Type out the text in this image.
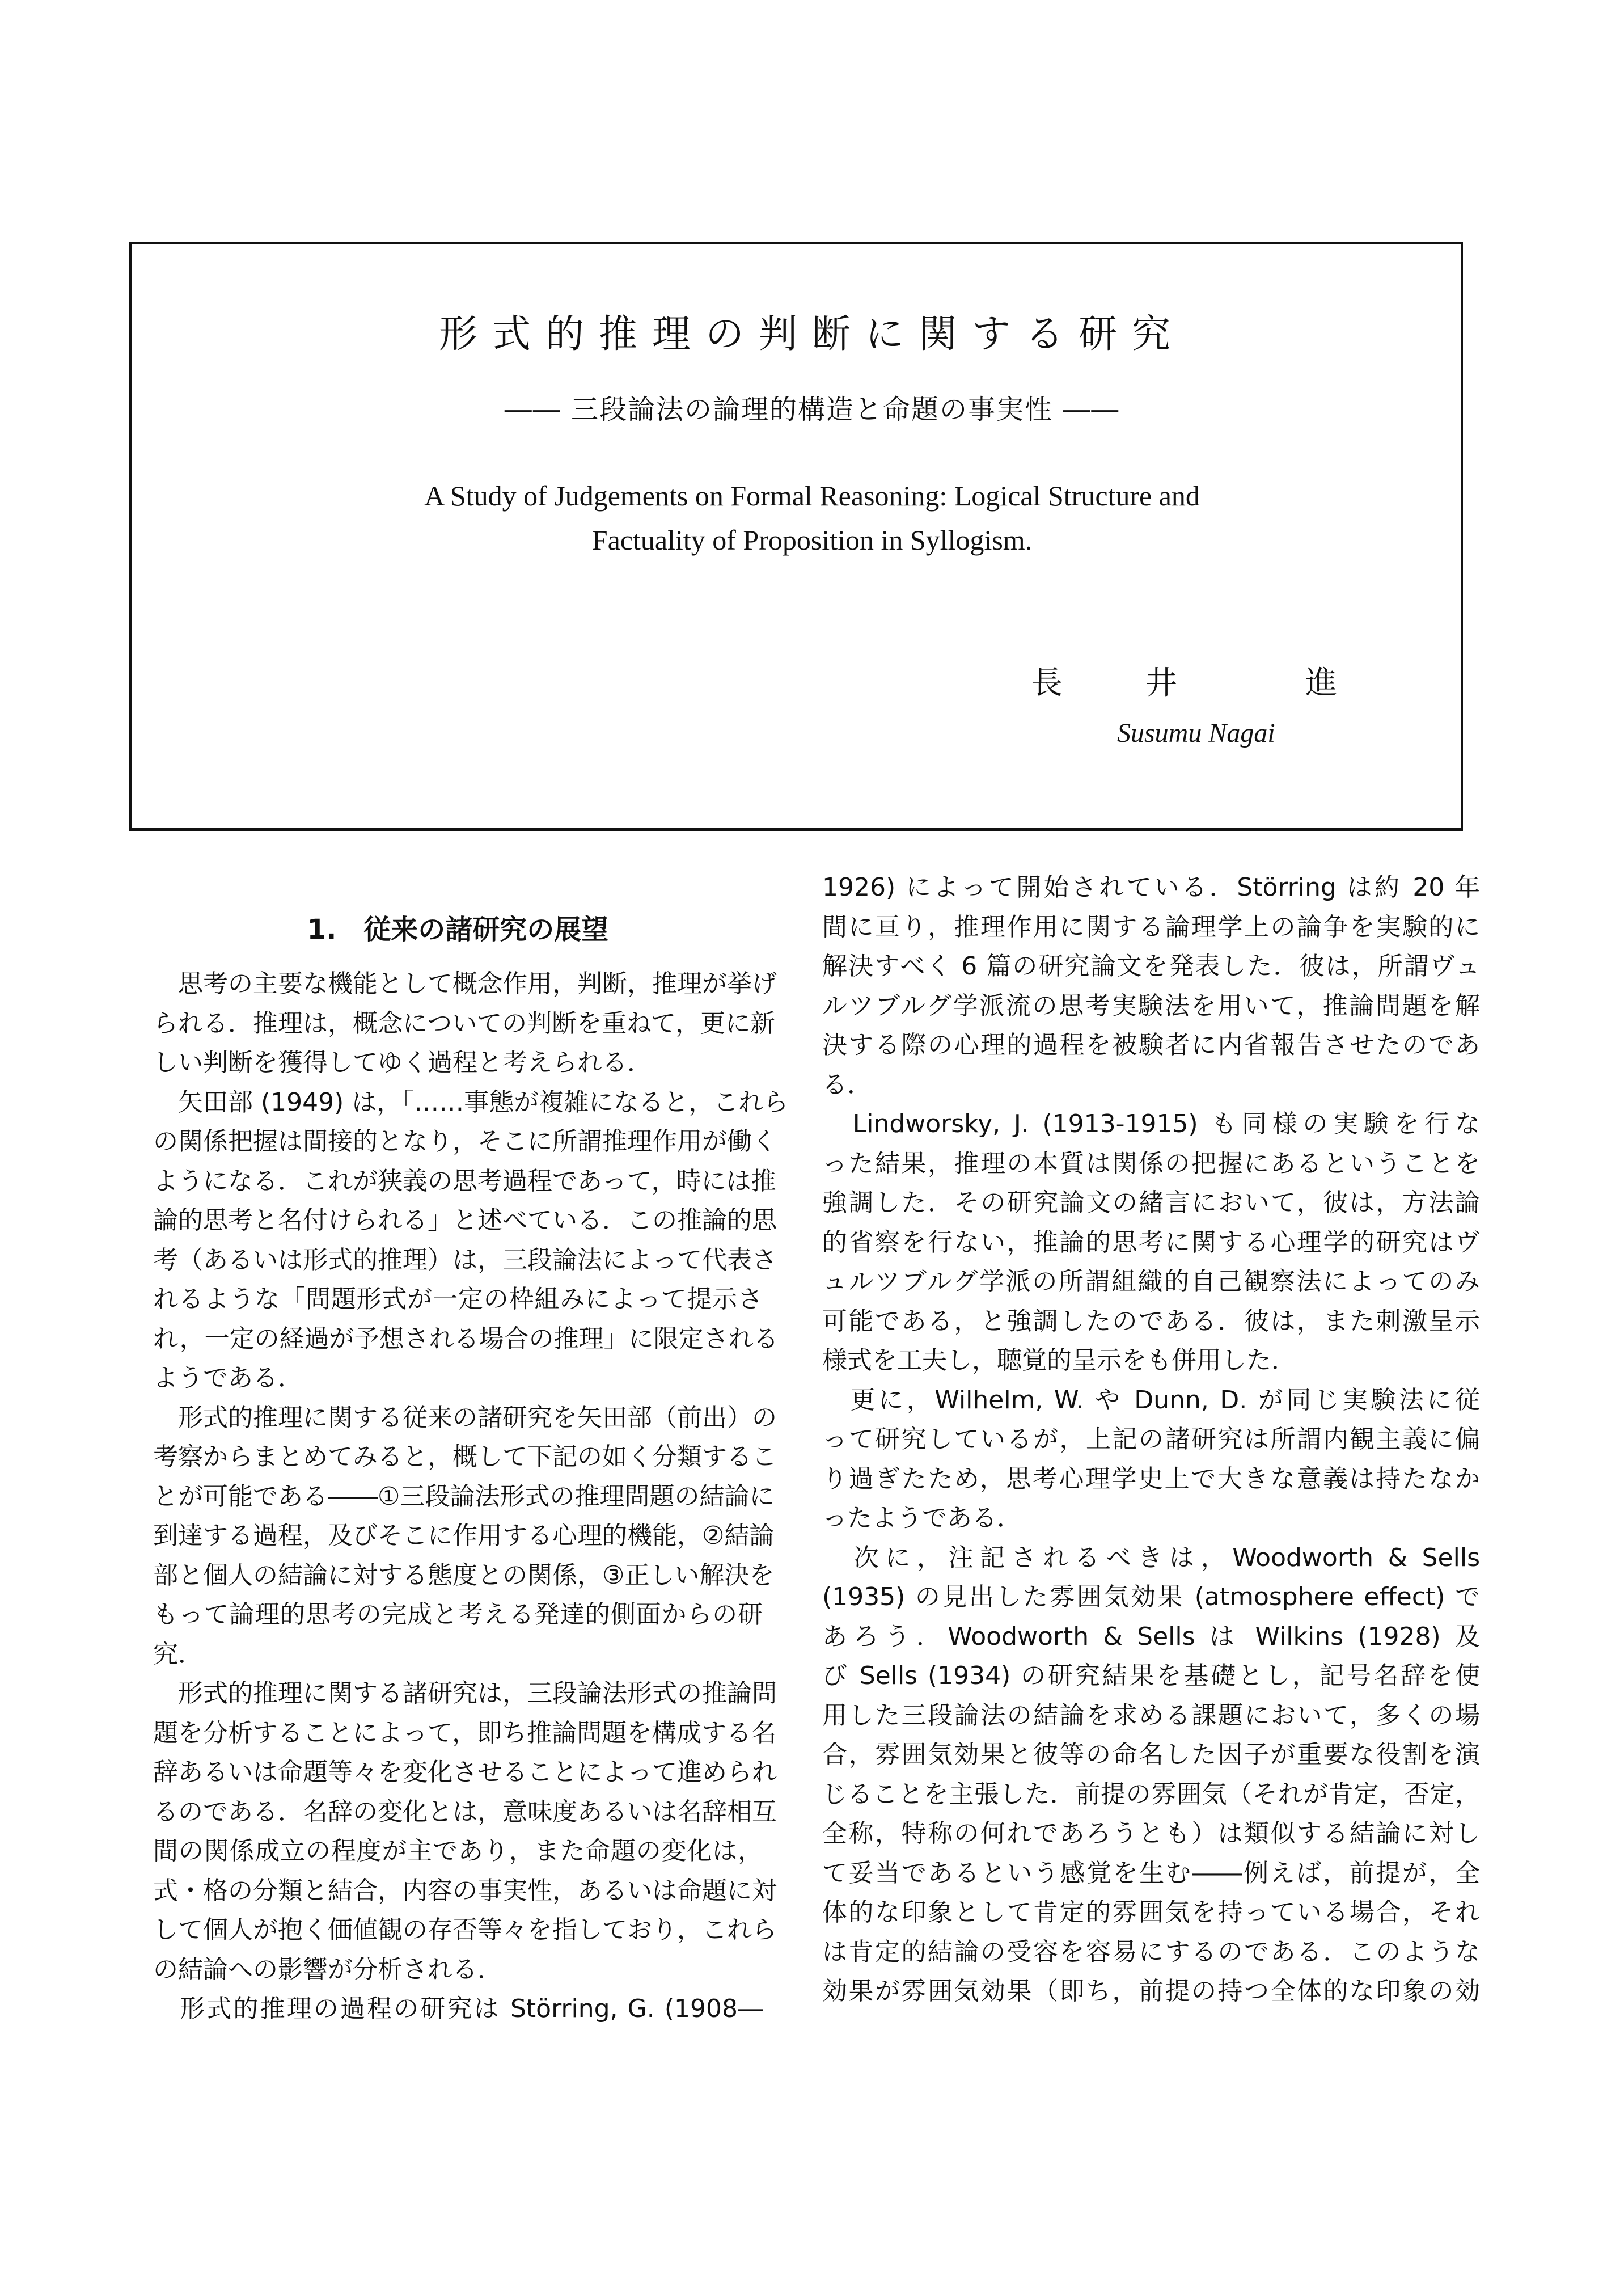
形式的推理の判断に関する研究
―― 三段論法の論理的構造と命題の事実性 ――
A Study of Judgements on Formal Reasoning: Logical Structure and
Factuality of Proposition in Syllogism.
長	井	進
Susumu Nagai
1.　従来の諸研究の展望
　思考の主要な機能として概念作用，判断，推理が挙げ
られる．推理は，概念についての判断を重ねて，更に新
しい判断を獲得してゆく過程と考えられる．
　矢田部 (1949) は，「……事態が複雑になると，これら
の関係把握は間接的となり，そこに所謂推理作用が働く
ようになる．これが狭義の思考過程であって，時には推
論的思考と名付けられる」と述べている．この推論的思
考（あるいは形式的推理）は，三段論法によって代表さ
れるような「問題形式が一定の枠組みによって提示さ
れ，一定の経過が予想される場合の推理」に限定される
ようである．
　形式的推理に関する従来の諸研究を矢田部（前出）の
考察からまとめてみると，概して下記の如く分類するこ
とが可能である――①三段論法形式の推理問題の結論に
到達する過程，及びそこに作用する心理的機能，②結論
部と個人の結論に対する態度との関係，③正しい解決を
もって論理的思考の完成と考える発達的側面からの研
究．
　形式的推理に関する諸研究は，三段論法形式の推論問
題を分析することによって，即ち推論問題を構成する名
辞あるいは命題等々を変化させることによって進められ
るのである．名辞の変化とは，意味度あるいは名辞相互
間の関係成立の程度が主であり，また命題の変化は，
式・格の分類と結合，内容の事実性，あるいは命題に対
して個人が抱く価値観の存否等々を指しており，これら
の結論への影響が分析される．
　形式的推理の過程の研究は Störring, G. (1908―
1926) によって開始されている．Störring は約 20 年
間に亘り，推理作用に関する論理学上の論争を実験的に
解決すべく 6 篇の研究論文を発表した．彼は，所謂ヴュ
ルツブルグ学派流の思考実験法を用いて，推論問題を解
決する際の心理的過程を被験者に内省報告させたのであ
る．
　Lindworsky, J. (1913-1915) も同様の実験を行な
った結果，推理の本質は関係の把握にあるということを
強調した．その研究論文の緒言において，彼は，方法論
的省察を行ない，推論的思考に関する心理学的研究はヴ
ュルツブルグ学派の所謂組織的自己観察法によってのみ
可能である，と強調したのである．彼は，また刺激呈示
様式を工夫し，聴覚的呈示をも併用した．
　更に，Wilhelm, W. や Dunn, D. が同じ実験法に従
って研究しているが，上記の諸研究は所謂内観主義に偏
り過ぎたため，思考心理学史上で大きな意義は持たなか
ったようである．
　次に，注記されるべきは，Woodworth & Sells
(1935) の見出した雰囲気効果 (atmosphere effect) で
あろう．Woodworth & Sells は Wilkins (1928) 及
び Sells (1934) の研究結果を基礎とし，記号名辞を使
用した三段論法の結論を求める課題において，多くの場
合，雰囲気効果と彼等の命名した因子が重要な役割を演
じることを主張した．前提の雰囲気（それが肯定，否定，
全称，特称の何れであろうとも）は類似する結論に対し
て妥当であるという感覚を生む――例えば，前提が，全
体的な印象として肯定的雰囲気を持っている場合，それ
は肯定的結論の受容を容易にするのである．このような
効果が雰囲気効果（即ち，前提の持つ全体的な印象の効
